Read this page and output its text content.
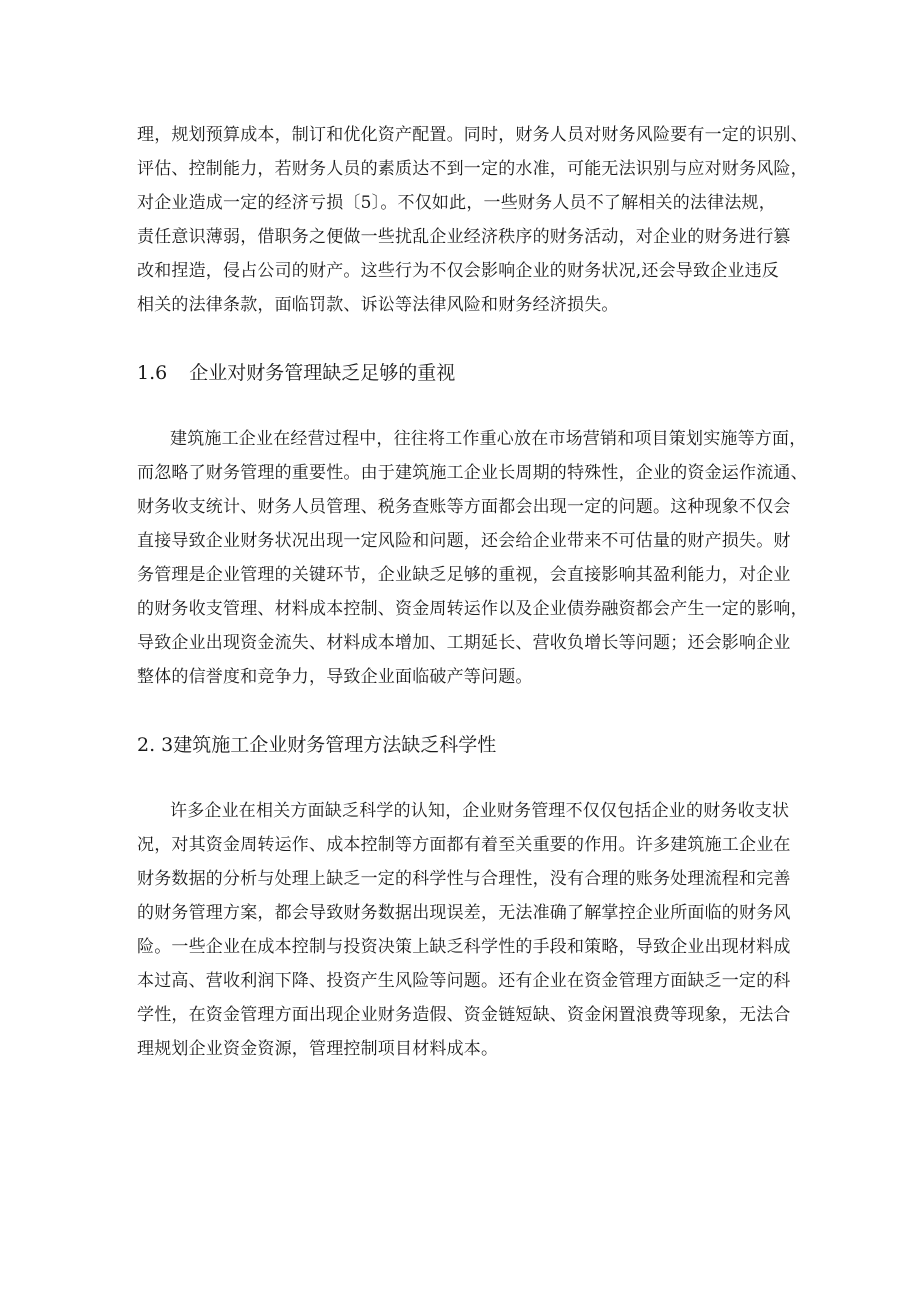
理，规划预算成本，制订和优化资产配置。同时，财务人员对财务风险要有一定的识别、
评估、控制能力，若财务人员的素质达不到一定的水准，可能无法识别与应对财务风险，
对企业造成一定的经济亏损〔5〕。不仅如此，一些财务人员不了解相关的法律法规，
责任意识薄弱，借职务之便做一些扰乱企业经济秩序的财务活动，对企业的财务进行篡
改和捏造，侵占公司的财产。这些行为不仅会影响企业的财务状况,还会导致企业违反
相关的法律条款，面临罚款、诉讼等法律风险和财务经济损失。
1.6 企业对财务管理缺乏足够的重视
建筑施工企业在经营过程中，往往将工作重心放在市场营销和项目策划实施等方面，
而忽略了财务管理的重要性。由于建筑施工企业长周期的特殊性，企业的资金运作流通、
财务收支统计、财务人员管理、税务查账等方面都会出现一定的问题。这种现象不仅会
直接导致企业财务状况出现一定风险和问题，还会给企业带来不可估量的财产损失。财
务管理是企业管理的关键环节，企业缺乏足够的重视，会直接影响其盈利能力，对企业
的财务收支管理、材料成本控制、资金周转运作以及企业债券融资都会产生一定的影响，
导致企业出现资金流失、材料成本增加、工期延长、营收负增长等问题；还会影响企业
整体的信誉度和竞争力，导致企业面临破产等问题。
2. 3建筑施工企业财务管理方法缺乏科学性
许多企业在相关方面缺乏科学的认知，企业财务管理不仅仅包括企业的财务收支状
况，对其资金周转运作、成本控制等方面都有着至关重要的作用。许多建筑施工企业在
财务数据的分析与处理上缺乏一定的科学性与合理性，没有合理的账务处理流程和完善
的财务管理方案，都会导致财务数据出现误差，无法准确了解掌控企业所面临的财务风
险。一些企业在成本控制与投资决策上缺乏科学性的手段和策略，导致企业出现材料成
本过高、营收利润下降、投资产生风险等问题。还有企业在资金管理方面缺乏一定的科
学性，在资金管理方面出现企业财务造假、资金链短缺、资金闲置浪费等现象，无法合
理规划企业资金资源，管理控制项目材料成本。
